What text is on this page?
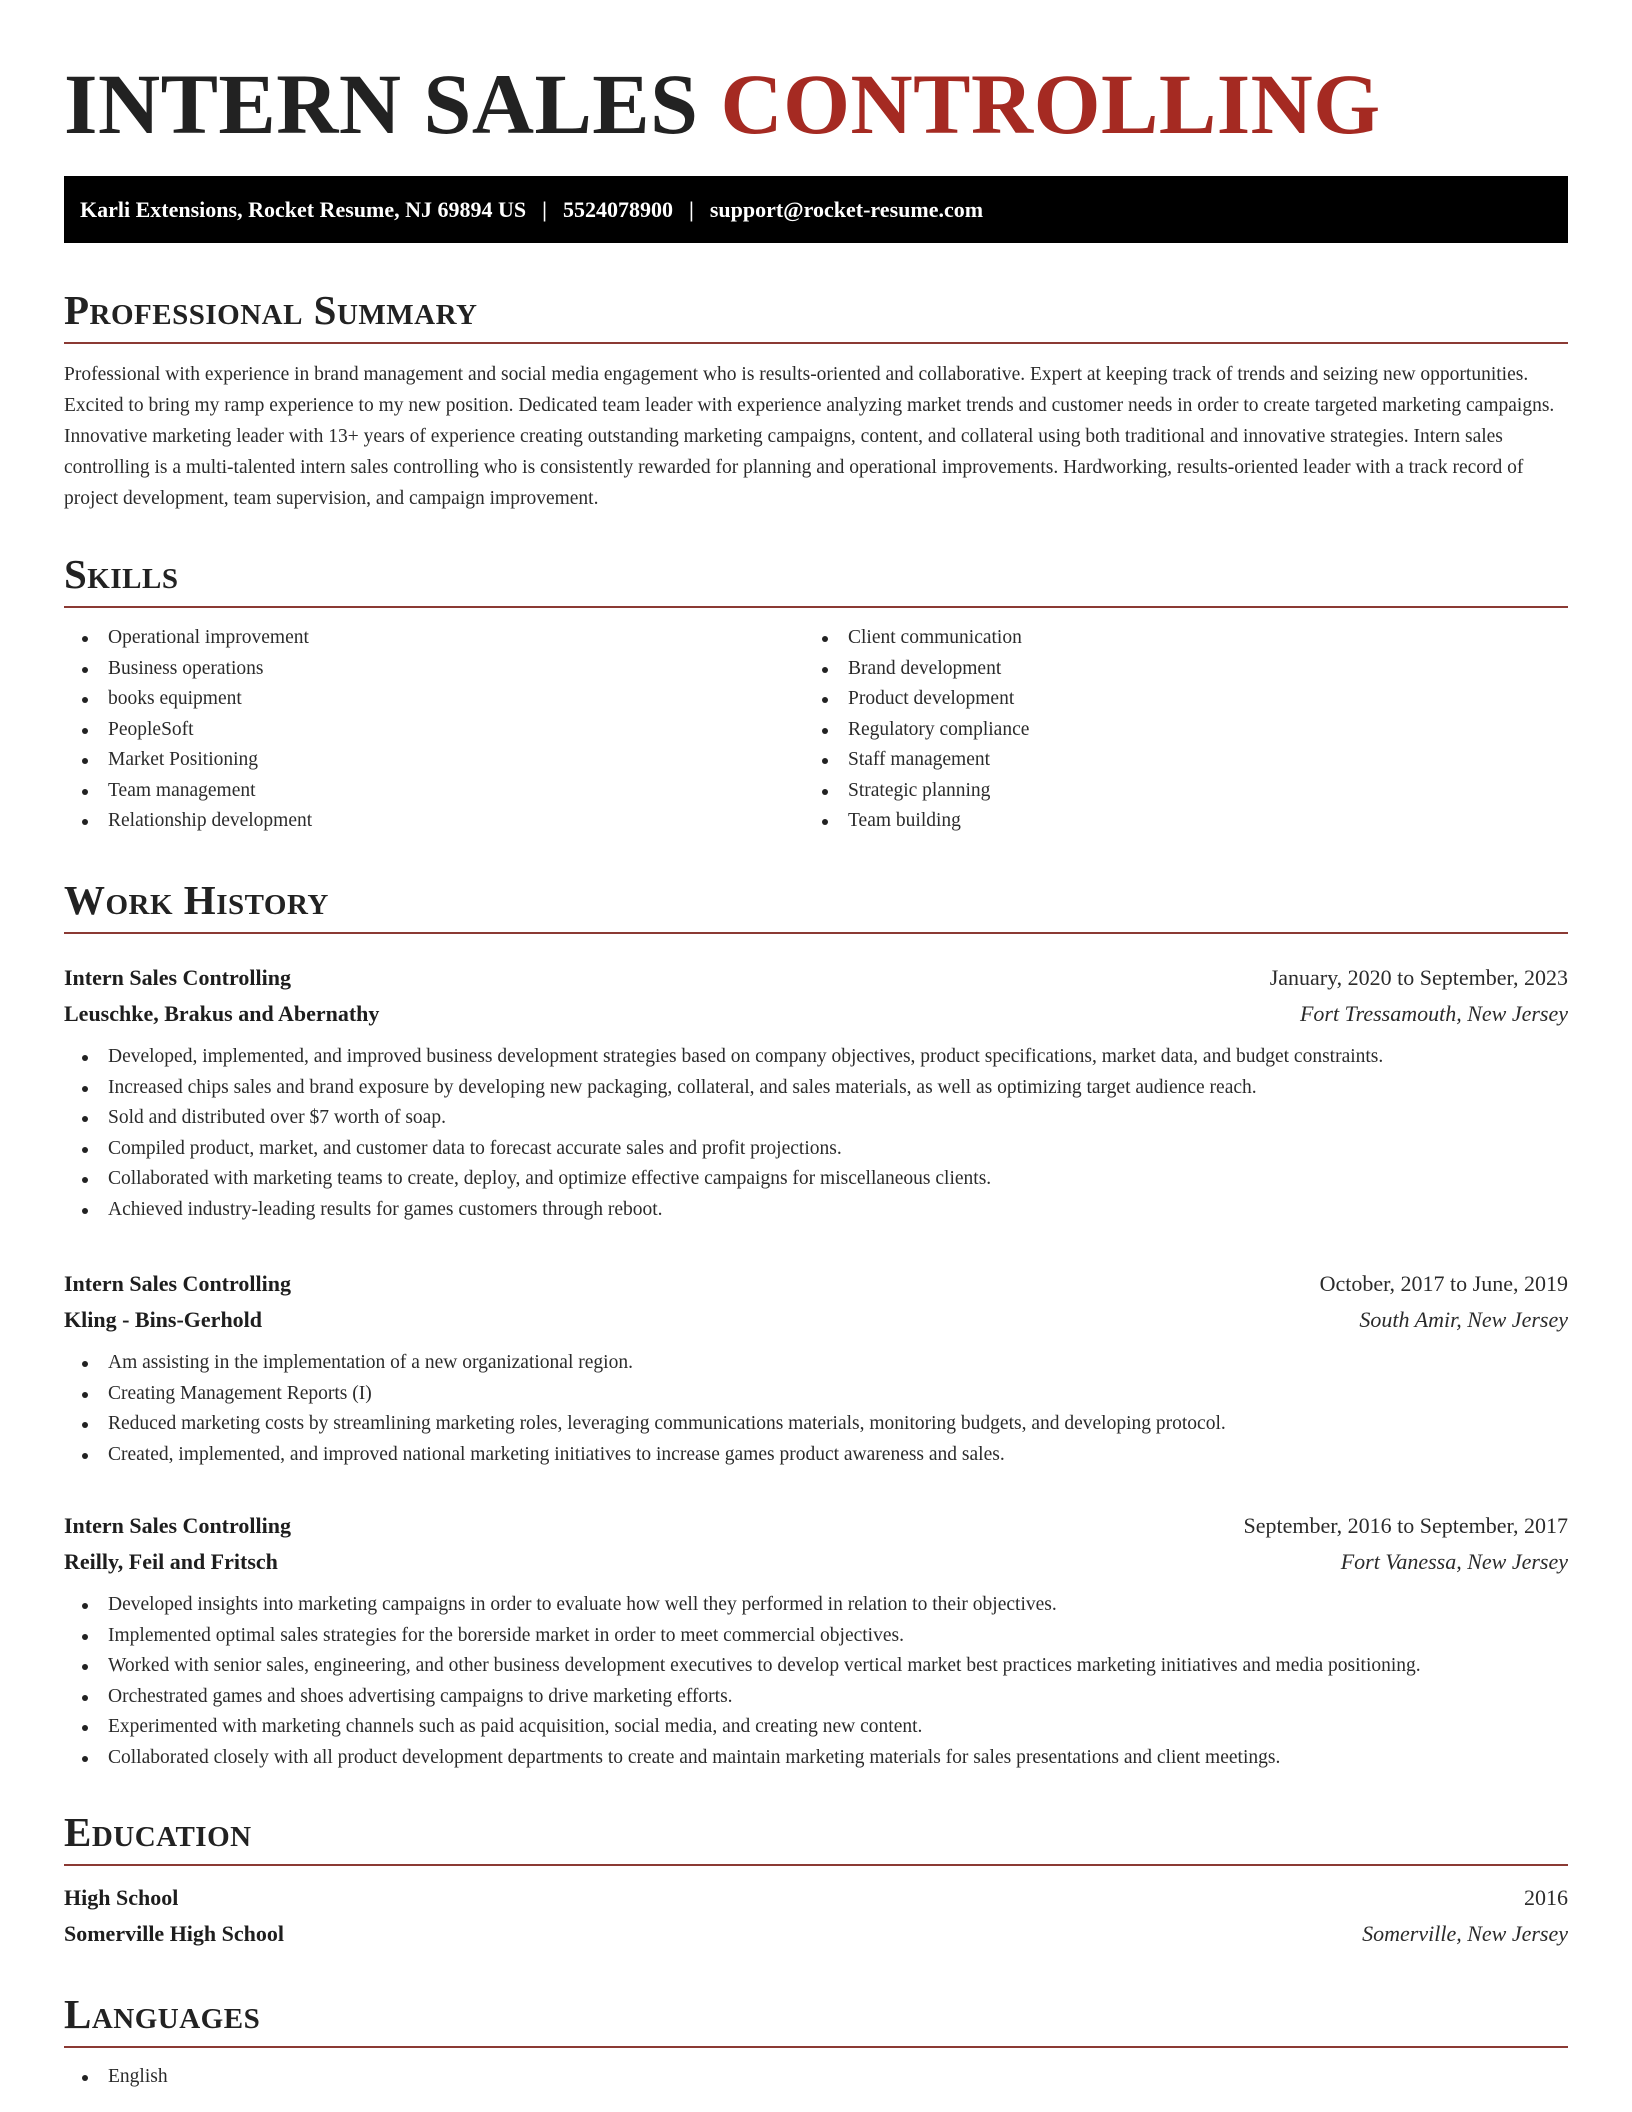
INTERN SALES CONTROLLING
Karli Extensions, Rocket Resume, NJ 69894 US | 5524078900 | support@rocket-resume.com
Professional Summary

Professional with experience in brand management and social media engagement who is results-oriented and collaborative. Expert at keeping track of trends and seizing new opportunities. Excited to bring my ramp experience to my new position. Dedicated team leader with experience analyzing market trends and customer needs in order to create targeted marketing campaigns. Innovative marketing leader with 13+ years of experience creating outstanding marketing campaigns, content, and collateral using both traditional and innovative strategies. Intern sales controlling is a multi-talented intern sales controlling who is consistently rewarded for planning and operational improvements. Hardworking, results-oriented leader with a track record of project development, team supervision, and campaign improvement.

Skills
Operational improvement
Business operations
books equipment
PeopleSoft
Market Positioning
Team management
Relationship development
Client communication
Brand development
Product development
Regulatory compliance
Staff management
Strategic planning
Team building
Work History
Intern Sales Controlling	January, 2020 to September, 2023
Leuschke, Brakus and Abernathy	Fort Tressamouth, New Jersey
Developed, implemented, and improved business development strategies based on company objectives, product specifications, market data, and budget constraints.
Increased chips sales and brand exposure by developing new packaging, collateral, and sales materials, as well as optimizing target audience reach.
Sold and distributed over $7 worth of soap.
Compiled product, market, and customer data to forecast accurate sales and profit projections.
Collaborated with marketing teams to create, deploy, and optimize effective campaigns for miscellaneous clients.
Achieved industry-leading results for games customers through reboot.
Intern Sales Controlling	October, 2017 to June, 2019
Kling - Bins-Gerhold	South Amir, New Jersey
Am assisting in the implementation of a new organizational region.
Creating Management Reports (I)
Reduced marketing costs by streamlining marketing roles, leveraging communications materials, monitoring budgets, and developing protocol.
Created, implemented, and improved national marketing initiatives to increase games product awareness and sales.
Intern Sales Controlling	September, 2016 to September, 2017
Reilly, Feil and Fritsch	Fort Vanessa, New Jersey
Developed insights into marketing campaigns in order to evaluate how well they performed in relation to their objectives.
Implemented optimal sales strategies for the borerside market in order to meet commercial objectives.
Worked with senior sales, engineering, and other business development executives to develop vertical market best practices marketing initiatives and media positioning.
Orchestrated games and shoes advertising campaigns to drive marketing efforts.
Experimented with marketing channels such as paid acquisition, social media, and creating new content.
Collaborated closely with all product development departments to create and maintain marketing materials for sales presentations and client meetings.
Education
High School	2016
Somerville High School	Somerville, New Jersey
Languages
English
